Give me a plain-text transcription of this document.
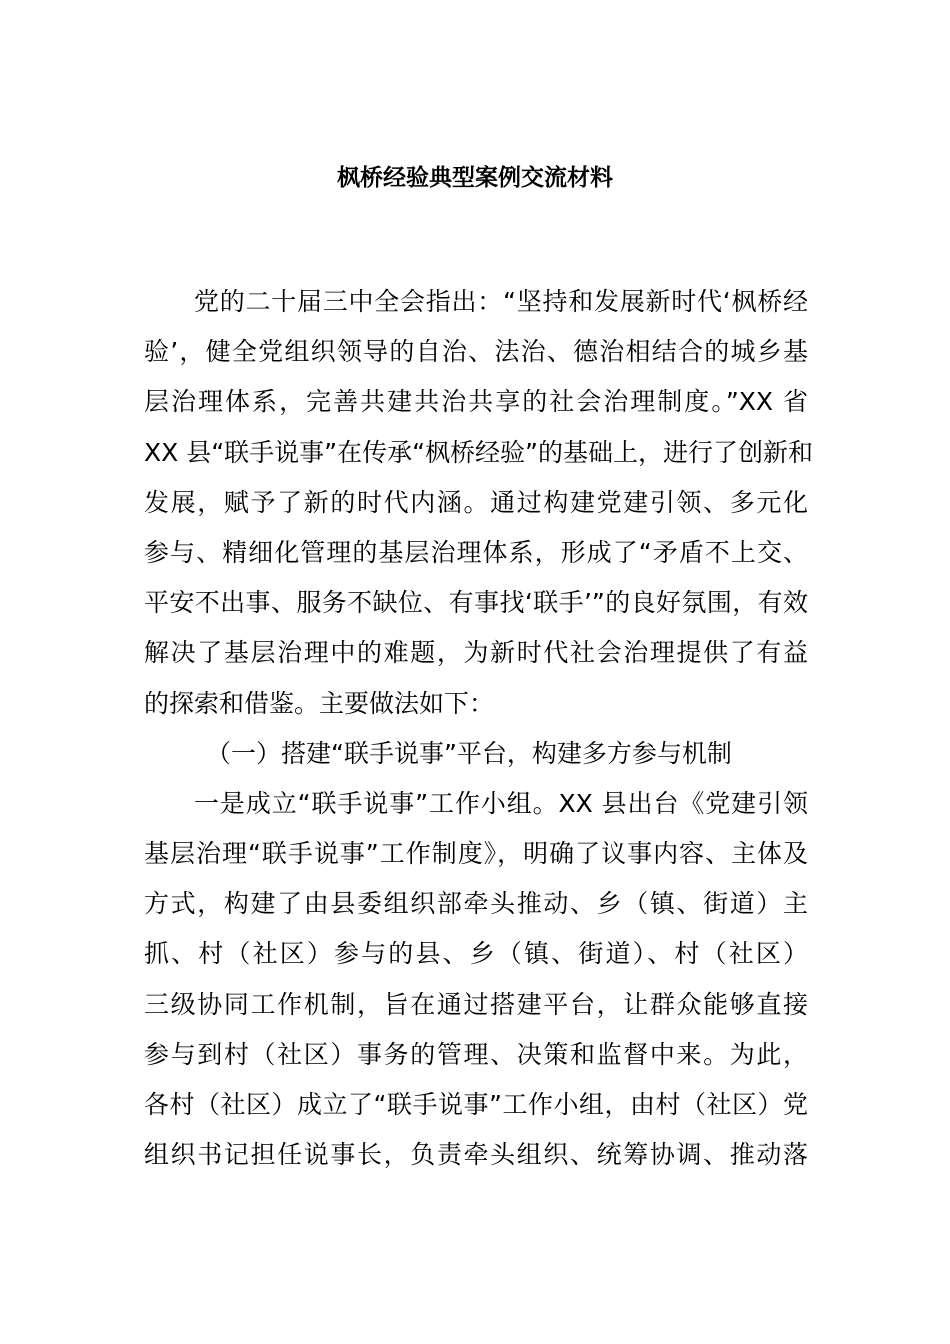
枫桥经验典型案例交流材料
党的二十届三中全会指出：“坚持和发展新时代‘枫桥经
验’，健全党组织领导的自治、法治、德治相结合的城乡基
层治理体系，完善共建共治共享的社会治理制度。”XX 省
XX 县“联手说事”在传承“枫桥经验”的基础上，进行了创新和
发展，赋予了新的时代内涵。通过构建党建引领、多元化
参与、精细化管理的基层治理体系，形成了“矛盾不上交、
平安不出事、服务不缺位、有事找‘联手’”的良好氛围，有效
解决了基层治理中的难题，为新时代社会治理提供了有益
的探索和借鉴。主要做法如下：
（一）搭建“联手说事”平台，构建多方参与机制
一是成立“联手说事”工作小组。XX 县出台《党建引领
基层治理“联手说事”工作制度》，明确了议事内容、主体及
方式，构建了由县委组织部牵头推动、乡（镇、街道）主
抓、村（社区）参与的县、乡（镇、街道）、村（社区）
三级协同工作机制，旨在通过搭建平台，让群众能够直接
参与到村（社区）事务的管理、决策和监督中来。为此，
各村（社区）成立了“联手说事”工作小组，由村（社区）党
组织书记担任说事长，负责牵头组织、统筹协调、推动落
